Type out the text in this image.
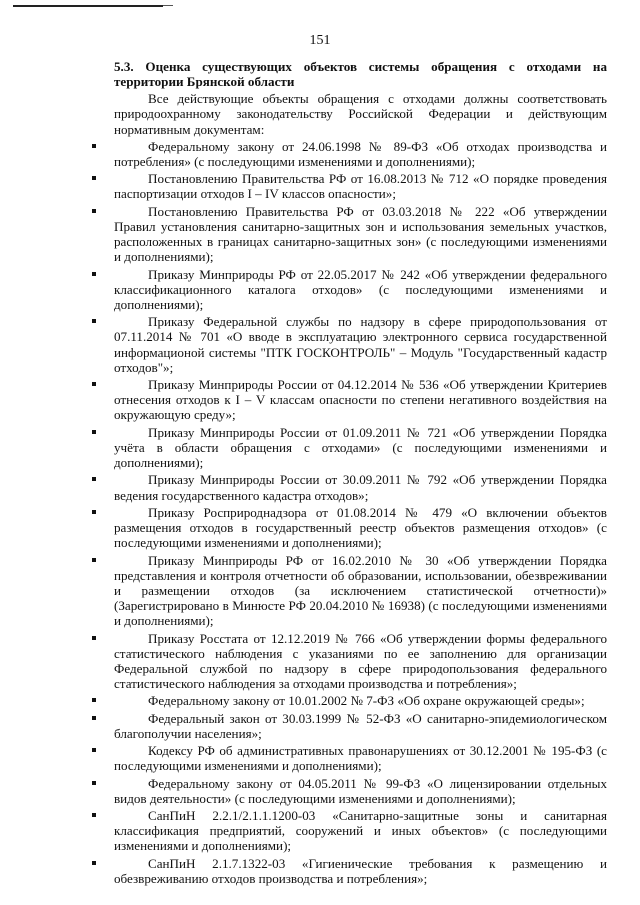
151

5.3. Оценка существующих объектов системы обращения с отходами на территории Брянской области

Все действующие объекты обращения с отходами должны соответствовать природоохранному законодательству Российской Федерации и действующим нормативным документам:

Федеральному закону от 24.06.1998 № 89-ФЗ «Об отходах производства и потребления» (с последующими изменениями и дополнениями);
Постановлению Правительства РФ от 16.08.2013 № 712 «О порядке проведения паспортизации отходов I – IV классов опасности»;
Постановлению Правительства РФ от 03.03.2018 № 222 «Об утверждении Правил установления санитарно-защитных зон и использования земельных участков, расположенных в границах санитарно-защитных зон» (с последующими изменениями и дополнениями);
Приказу Минприроды РФ от 22.05.2017 № 242 «Об утверждении федерального классификационного каталога отходов» (с последующими изменениями и дополнениями);
Приказу Федеральной службы по надзору в сфере природопользования от 07.11.2014 № 701 «О вводе в эксплуатацию электронного сервиса государственной информационой системы "ПТК ГОСКОНТРОЛЬ" – Модуль "Государственный кадастр отходов"»;
Приказу Минприроды России от 04.12.2014 № 536 «Об утверждении Критериев отнесения отходов к I – V классам опасности по степени негативного воздействия на окружающую среду»;
Приказу Минприроды России от 01.09.2011 № 721 «Об утверждении Порядка учёта в области обращения с отходами» (с последующими изменениями и дополнениями);
Приказу Минприроды России от 30.09.2011 № 792 «Об утверждении Порядка ведения государственного кадастра отходов»;
Приказу Росприроднадзора от 01.08.2014 № 479 «О включении объектов размещения отходов в государственный реестр объектов размещения отходов» (с последующими изменениями и дополнениями);
Приказу Минприроды РФ от 16.02.2010 № 30 «Об утверждении Порядка представления и контроля отчетности об образовании, использовании, обезвреживании и размещении отходов (за исключением статистической отчетности)» (Зарегистрировано в Минюсте РФ 20.04.2010 № 16938) (с последующими изменениями и дополнениями);
Приказу Росстата от 12.12.2019 № 766 «Об утверждении формы федерального статистического наблюдения с указаниями по ее заполнению для организации Федеральной службой по надзору в сфере природопользования федерального статистического наблюдения за отходами производства и потребления»;
Федеральному закону от 10.01.2002 № 7-ФЗ «Об охране окружающей среды»;
Федеральный закон от 30.03.1999 № 52-ФЗ «О санитарно-эпидемиологическом благополучии населения»;
Кодексу РФ об административных правонарушениях от 30.12.2001 № 195-ФЗ (с последующими изменениями и дополнениями);
Федеральному закону от 04.05.2011 № 99-ФЗ «О лицензировании отдельных видов деятельности» (с последующими изменениями и дополнениями);
СанПиН 2.2.1/2.1.1.1200-03 «Санитарно-защитные зоны и санитарная классификация предприятий, сооружений и иных объектов» (с последующими изменениями и дополнениями);
СанПиН 2.1.7.1322-03 «Гигиенические требования к размещению и обезвреживанию отходов производства и потребления»;
